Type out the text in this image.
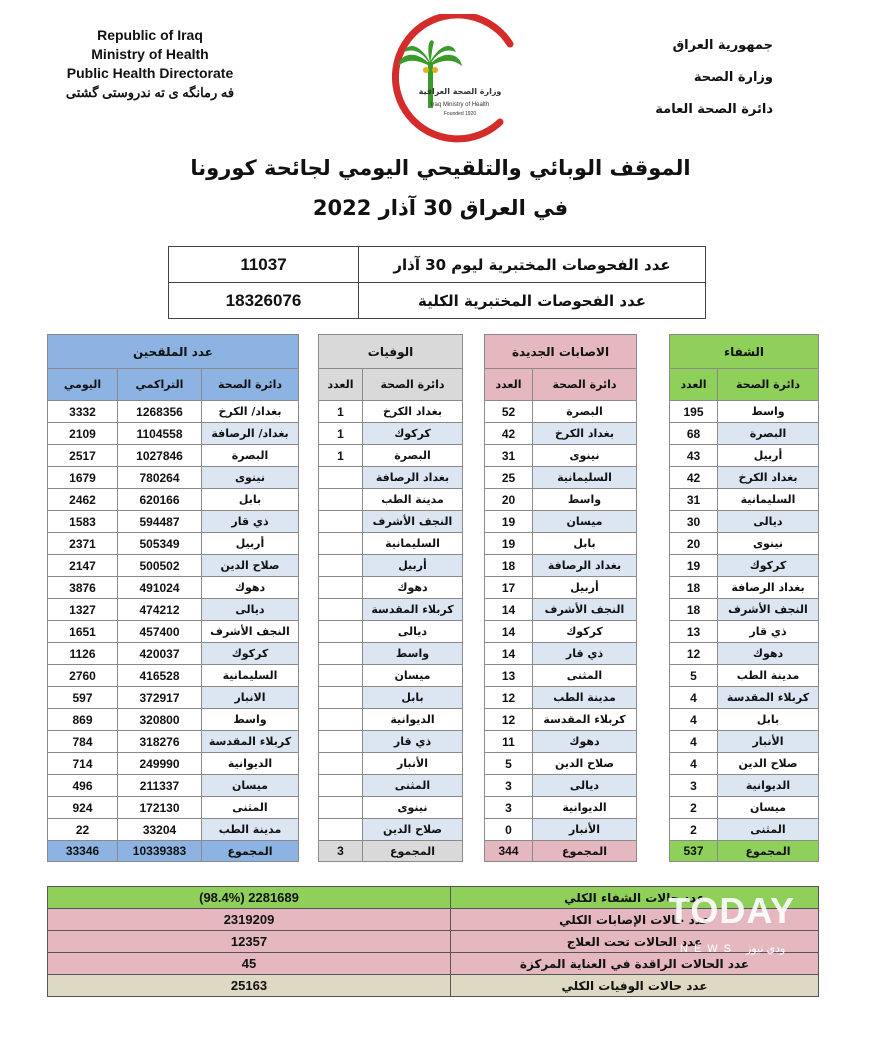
Republic of Iraq
Ministry of Health
Public Health Directorate
فه رمانگه ى ته ندروستى گشتى	وزارة الصحة العراقية
Iraq Ministry of Health
Founded 1920
جمهورية العراق
وزارة الصحة
دائرة الصحة العامة
الموقف الوبائي والتلقيحي اليومي لجائحة كورونا
في العراق 30 آذار 2022
عدد الفحوصات المختبرية ليوم 30 آذار	11037
عدد الفحوصات المختبرية الكلية	18326076
الشفاء	
دائرة الصحة	العدد
واسط	195
البصرة	68
أربيل	43
بغداد الكرخ	42
السليمانية	31
ديالى	30
نينوى	20
كركوك	19
بغداد الرصافة	18
النجف الأشرف	18
ذي قار	13
دهوك	12
مدينة الطب	5
كربلاء المقدسة	4
بابل	4
الأنبار	4
صلاح الدين	4
الديوانية	3
ميسان	2
المثنى	2
المجموع	537
الاصابات الجديدة	
دائرة الصحة	العدد
البصرة	52
بغداد الكرخ	42
نينوى	31
السليمانية	25
واسط	20
ميسان	19
بابل	19
بغداد الرصافة	18
أربيل	17
النجف الأشرف	14
كركوك	14
ذي قار	14
المثنى	13
مدينة الطب	12
كربلاء المقدسة	12
دهوك	11
صلاح الدين	5
ديالى	3
الديوانية	3
الأنبار	0
المجموع	344
الوفيات	
دائرة الصحة	العدد
بغداد الكرخ	1
كركوك	1
البصرة	1
بغداد الرصافة	
مدينة الطب	
النجف الأشرف	
السليمانية	
أربيل	
دهوك	
كربلاء المقدسة	
ديالى	
واسط	
ميسان	
بابل	
الديوانية	
ذي قار	
الأنبار	
المثنى	
نينوى	
صلاح الدين	
المجموع	3
عدد الملقحين		
دائرة الصحة	التراكمي	اليومي
بغداد/ الكرخ	1268356	3332
بغداد/ الرصافة	1104558	2109
البصرة	1027846	2517
نينوى	780264	1679
بابل	620166	2462
ذي قار	594487	1583
أربيل	505349	2371
صلاح الدين	500502	2147
دهوك	491024	3876
ديالى	474212	1327
النجف الأشرف	457400	1651
كركوك	420037	1126
السليمانية	416528	2760
الانبار	372917	597
واسط	320800	869
كربلاء المقدسة	318276	784
الديوانية	249990	714
ميسان	211337	496
المثنى	172130	924
مدينة الطب	33204	22
المجموع	10339383	33346
عدد حالات الشفاء الكلي	2281689 (98.4%)
عدد حالات الإصابات الكلي	2319209
عدد الحالات تحت العلاج	12357
عدد الحالات الراقدة في العناية المركزة	45
عدد حالات الوفيات الكلي	25163
TODAY
NEWS ودي نيوز
